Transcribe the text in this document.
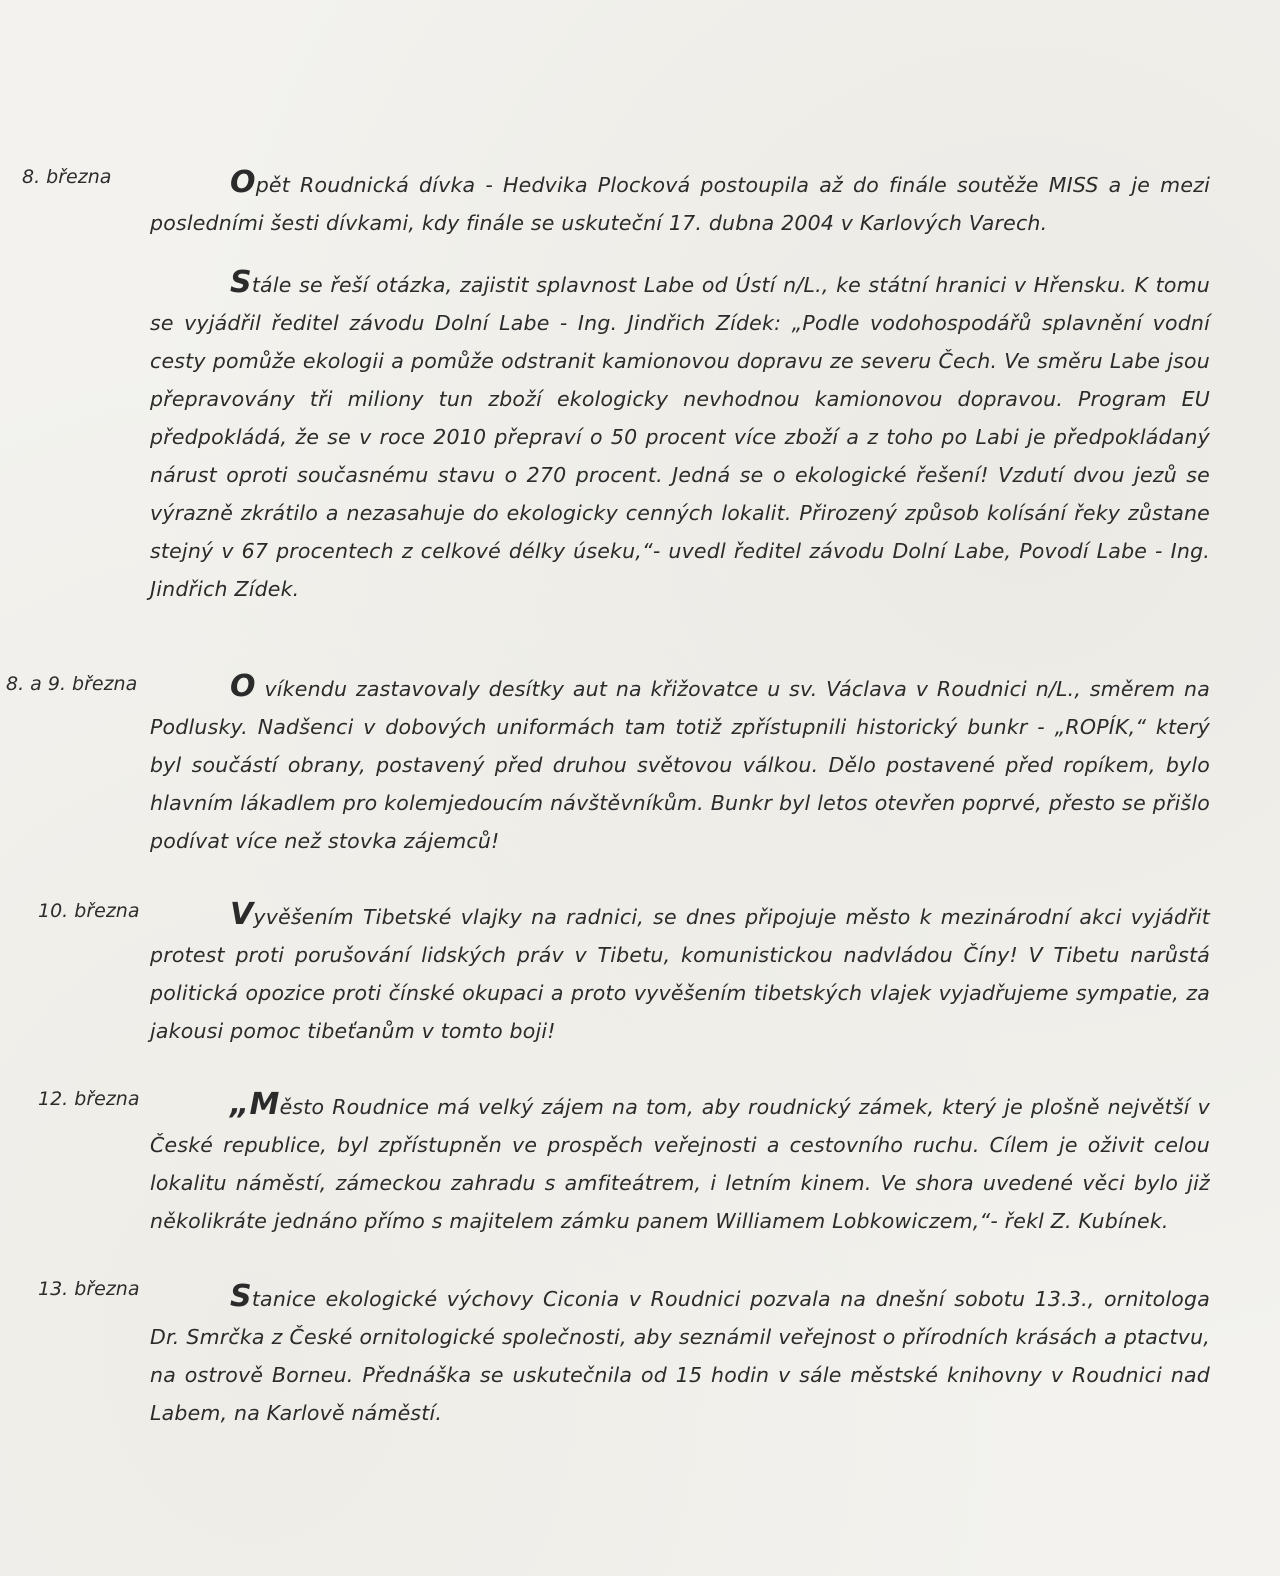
8. března	Opět Roudnická dívka - Hedvika Plocková postoupila až do finále soutěže MISS a je mezi posledními šesti dívkami, kdy finále se uskuteční 17. dubna 2004 v Karlových Varech.

Stále se řeší otázka, zajistit splavnost Labe od Ústí n/L., ke státní hranici v Hřensku. K tomu se vyjádřil ředitel závodu Dolní Labe - Ing. Jindřich Zídek: „Podle vodohospodářů splavnění vodní cesty pomůže ekologii a pomůže odstranit kamionovou dopravu ze severu Čech. Ve směru Labe jsou přepravovány tři miliony tun zboží ekologicky nevhodnou kamionovou dopravou. Program EU předpokládá, že se v roce 2010 přepraví o 50 procent více zboží a z toho po Labi je předpokládaný nárust oproti současnému stavu o 270 procent. Jedná se o ekologické řešení! Vzdutí dvou jezů se výrazně zkrátilo a nezasahuje do ekologicky cenných lokalit. Přirozený způsob kolísání řeky zůstane stejný v 67 procentech z celkové délky úseku,“- uvedl ředitel závodu Dolní Labe, Povodí Labe - Ing. Jindřich Zídek.

8. a 9. března	O víkendu zastavovaly desítky aut na křižovatce u sv. Václava v Roudnici n/L., směrem na Podlusky. Nadšenci v dobových uniformách tam totiž zpřístupnili historický bunkr - „ROPÍK,“ který byl součástí obrany, postavený před druhou světovou válkou. Dělo postavené před ropíkem, bylo hlavním lákadlem pro kolemjedoucím návštěvníkům. Bunkr byl letos otevřen poprvé, přesto se přišlo podívat více než stovka zájemců!

10. března	Vyvěšením Tibetské vlajky na radnici, se dnes připojuje město k mezinárodní akci vyjádřit protest proti porušování lidských práv v Tibetu, komunistickou nadvládou Číny! V Tibetu narůstá politická opozice proti čínské okupaci a proto vyvěšením tibetských vlajek vyjadřujeme sympatie, za jakousi pomoc tibeťanům v tomto boji!

12. března	„Město Roudnice má velký zájem na tom, aby roudnický zámek, který je plošně největší v České republice, byl zpřístupněn ve prospěch veřejnosti a cestovního ruchu. Cílem je oživit celou lokalitu náměstí, zámeckou zahradu s amfiteátrem, i letním kinem. Ve shora uvedené věci bylo již několikráte jednáno přímo s majitelem zámku panem Williamem Lobkowiczem,“- řekl Z. Kubínek.

13. března	Stanice ekologické výchovy Ciconia v Roudnici pozvala na dnešní sobotu 13.3., ornitologa Dr. Smrčka z České ornitologické společnosti, aby seznámil veřejnost o přírodních krásách a ptactvu, na ostrově Borneu. Přednáška se uskutečnila od 15 hodin v sále městské knihovny v Roudnici nad Labem, na Karlově náměstí.
